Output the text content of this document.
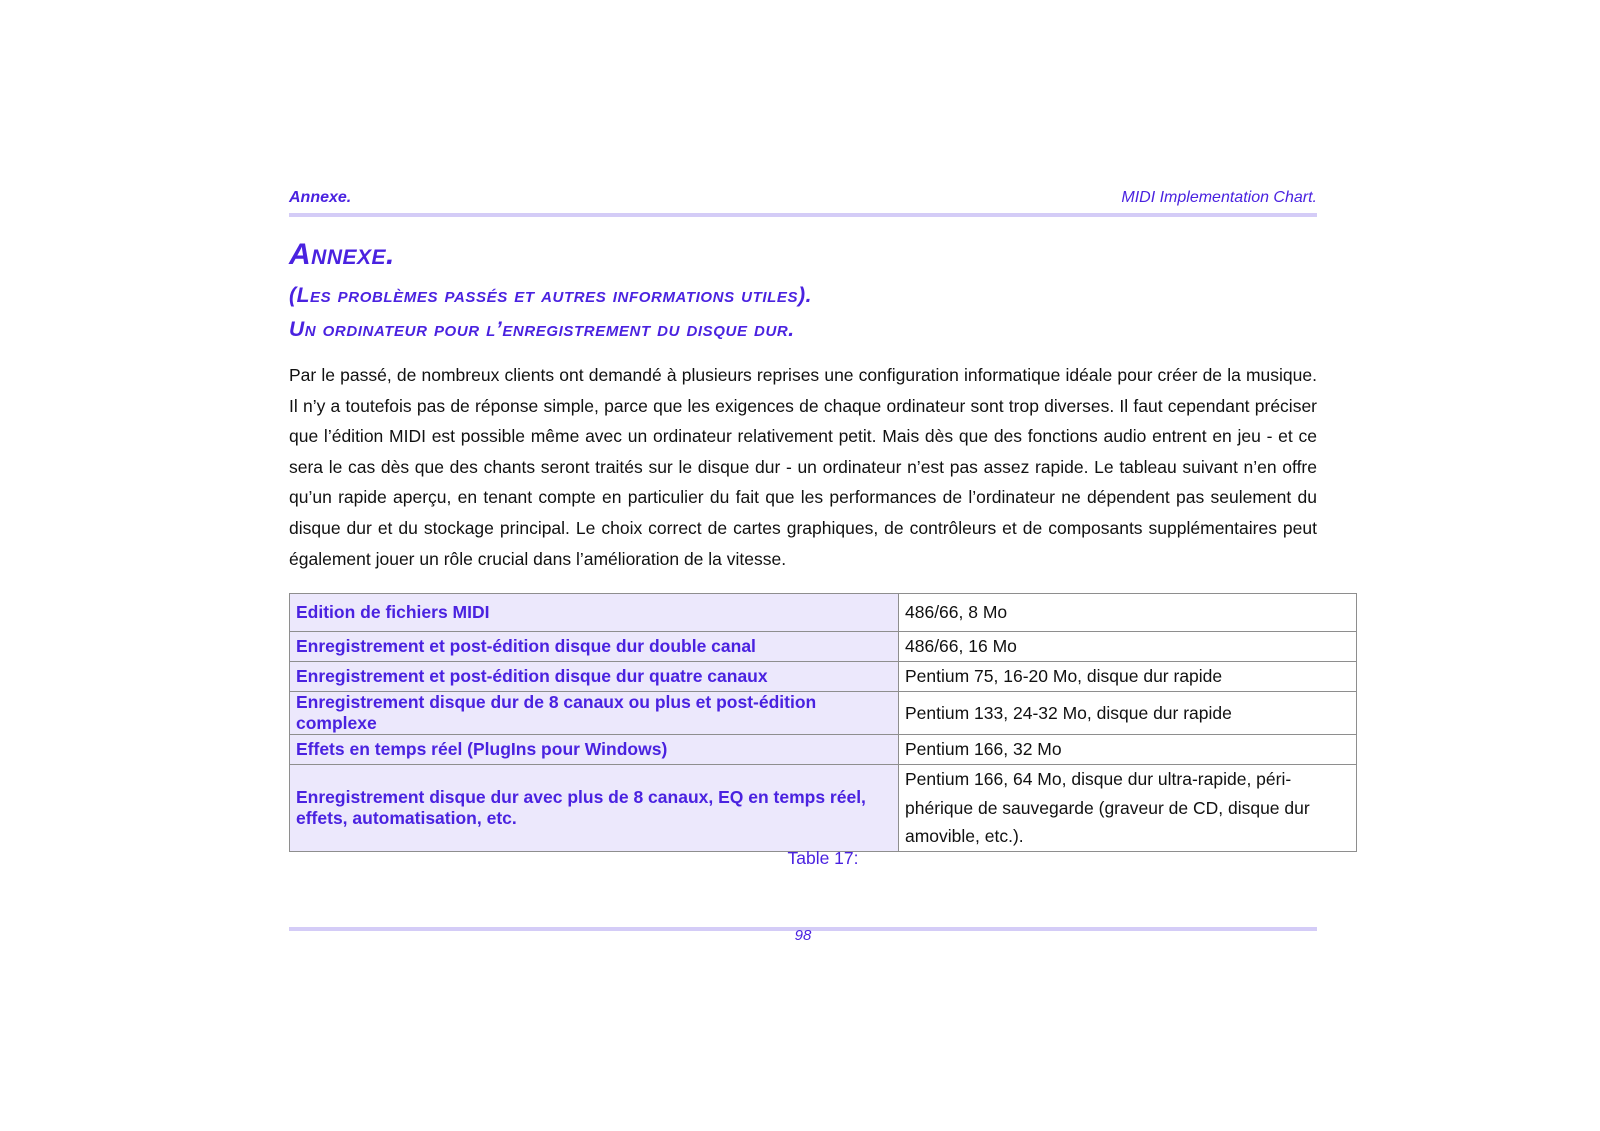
Annexe.	MIDI Implementation Chart.
Annexe.
(Les problèmes passés et autres informations utiles).
Un ordinateur pour l’enregistrement du disque dur.

Par le passé, de nombreux clients ont demandé à plusieurs reprises une configuration informatique idéale pour créer de la musique. Il n’y a toutefois pas de réponse simple, parce que les exigences de chaque ordinateur sont trop diverses. Il faut cependant préciser que l’édition MIDI est possible même avec un ordinateur relativement petit. Mais dès que des fonctions audio entrent en jeu - et ce sera le cas dès que des chants seront traités sur le disque dur - un ordinateur n’est pas assez rapide. Le tableau suivant n’en offre qu’un rapide aperçu, en tenant compte en particulier du fait que les performances de l’ordinateur ne dépendent pas seulement du disque dur et du stockage principal. Le choix correct de cartes graphiques, de contrôleurs et de composants supplémentaires peut également jouer un rôle crucial dans l’amélioration de la vitesse.

Edition de fichiers MIDI	486/66, 8 Mo
Enregistrement et post-édition disque dur double canal	486/66, 16 Mo
Enregistrement et post-édition disque dur quatre canaux	Pentium 75, 16-20 Mo, disque dur rapide
Enregistrement disque dur de 8 canaux ou plus et post-édition complexe	Pentium 133, 24-32 Mo, disque dur rapide
Effets en temps réel (PlugIns pour Windows)	Pentium 166, 32 Mo
Enregistrement disque dur avec plus de 8 canaux, EQ en temps réel, effets, automatisation, etc.	Pentium 166, 64 Mo, disque dur ultra-rapide, périphérique de sauvegarde (graveur de CD, disque dur amovible, etc.).
Table 17:
98
